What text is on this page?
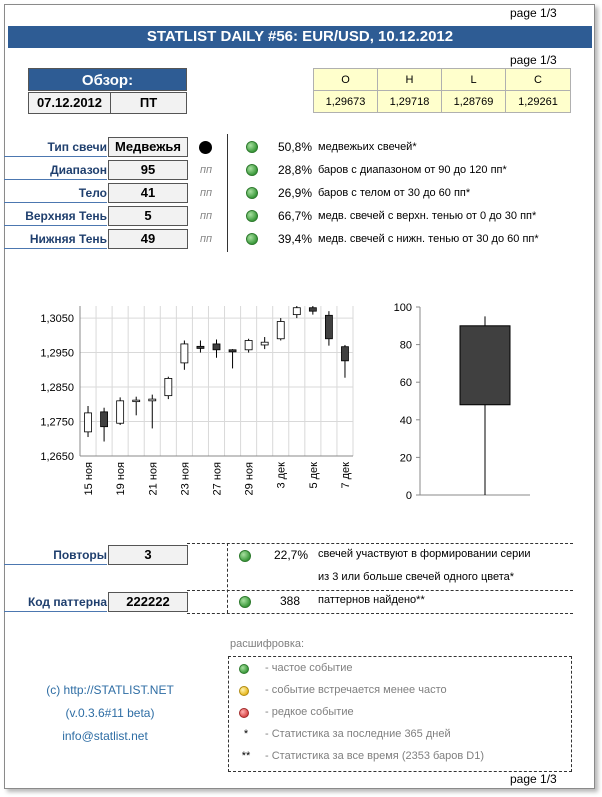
page 1/3
STATLIST DAILY #56: EUR/USD, 10.12.2012
page 1/3
Обзор:
07.12.2012	ПТ
O	H	L	C
1,29673	1,29718	1,28769	1,29261
Тип свечи Медвежья
Диапазон	95	пп
Тело	41	пп
Верхняя Тень	5	пп
Нижняя Тень	49	пп
50,8% медвежьих свечей*
28,8% баров с диапазоном от 90 до 120 пп*
26,9% баров с телом от 30 до 60 пп*
66,7% медв. свечей с верхн. тенью от 0 до 30 пп*
39,4% медв. свечей с нижн. тенью от 30 до 60 пп*
1,3050
1,2950
1,2850
1,2750
1,2650
15 ноя 19 ноя 21 ноя 23 ноя 27 ноя 29 ноя 3 дек 5 дек 7 дек
100
80
60
40
20
0
Повторы	3
Код паттерна	222222
22,7% свечей участвуют в формировании серии
из 3 или больше свечей одного цвета*
388 паттернов найдено**
(c) http://STATLIST.NET
(v.0.3.6#11 beta)
info@statlist.net
расшифровка:
- частое событие
- событие встречается менее часто
- редкое событие
*	- Статистика за последние 365 дней
**	- Статистика за все время (2353 баров D1)
page 1/3
